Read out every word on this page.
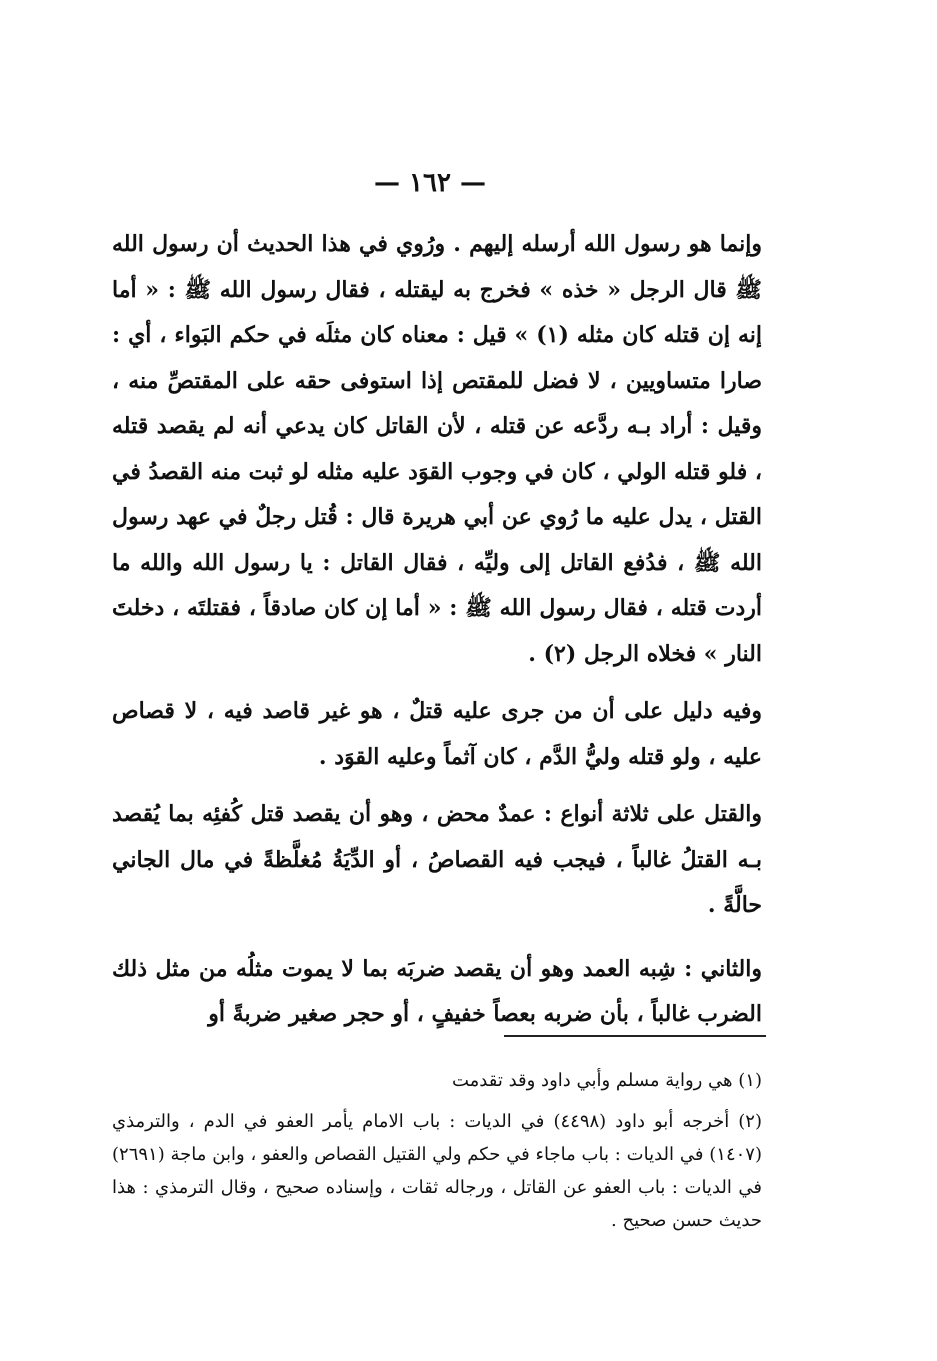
— ١٦٢ —

وإنما هو رسول الله أرسله إليهم . ورُوي في هذا الحديث أن رسول الله ﷺ قال الرجل « خذه » فخرج به ليقتله ، فقال رسول الله ﷺ : « أما إنه إن قتله كان مثله (١) » قيل : معناه كان مثلَه في حكم البَواء ، أي : صارا متساويين ، لا فضل للمقتص إذا استوفى حقه على المقتصِّ منه ، وقيل : أراد بـه ردَّعه عن قتله ، لأن القاتل كان يدعي أنه لم يقصد قتله ، فلو قتله الولي ، كان في وجوب القوَد عليه مثله لو ثبت منه القصدُ في القتل ، يدل عليه ما رُوي عن أبي هريرة قال : قُتل رجلٌ في عهد رسول الله ﷺ ، فدُفع القاتل إلى وليِّه ، فقال القاتل : يا رسول الله والله ما أردت قتله ، فقال رسول الله ﷺ : « أما إن كان صادقاً ، فقتلتَه ، دخلتَ النار » فخلاه الرجل (٢) .

وفيه دليل على أن من جرى عليه قتلٌ ، هو غير قاصد فيه ، لا قصاص عليه ، ولو قتله وليُّ الدَّم ، كان آثماً وعليه القوَد .

والقتل على ثلاثة أنواع : عمدٌ محض ، وهو أن يقصد قتل كُفئِه بما يُقصد بـه القتلُ غالباً ، فيجب فيه القصاصُ ، أو الدِّيَةُ مُغلَّظةً في مال الجاني حالَّةً .

والثاني : شِبه العمد وهو أن يقصد ضربَه بما لا يموت مثلُه من مثل ذلك الضرب غالباً ، بأن ضربه بعصاً خفيفٍ ، أو حجر صغير ضربةً أو

(١) هي رواية مسلم وأبي داود وقد تقدمت

(٢) أخرجه أبو داود (٤٤٩٨) في الديات : باب الامام يأمر العفو في الدم ، والترمذي (١٤٠٧) في الديات : باب ماجاء في حكم ولي القتيل القصاص والعفو ، وابن ماجة (٢٦٩١) في الديات : باب العفو عن القاتل ، ورجاله ثقات ، وإسناده صحيح ، وقال الترمذي : هذا حديث حسن صحيح .
